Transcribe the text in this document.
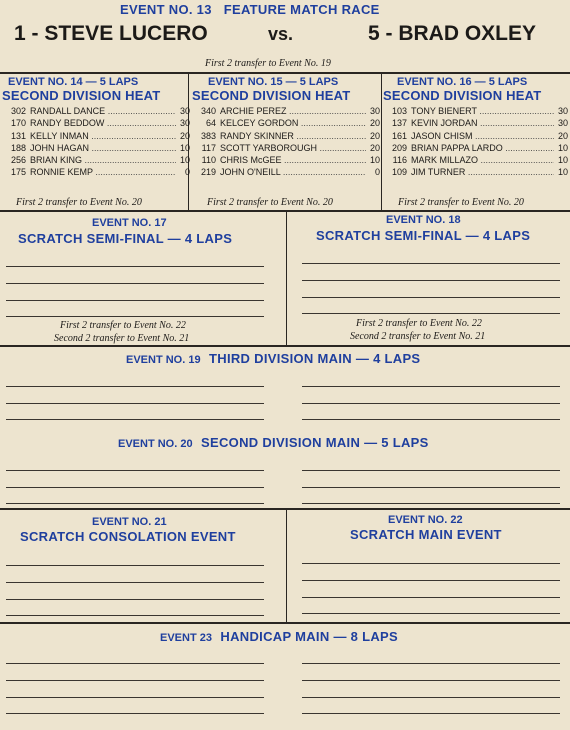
EVENT NO. 13 FEATURE MATCH RACE
1 - STEVE LUCERO	vs.	5 - BRAD OXLEY
First 2 transfer to Event No. 19
EVENT NO. 14 — 5 LAPS
SECOND DIVISION HEAT
302 RANDALL DANCE .....	30
170 RANDY BEDDOW .....	30
131 KELLY INMAN .....	20
188 JOHN HAGAN .....	10
256 BRIAN KING .....	10
175 RONNIE KEMP .....	0
First 2 transfer to Event No. 20
EVENT NO. 15 — 5 LAPS
SECOND DIVISION HEAT
340 ARCHIE PEREZ .....	30
64 KELCEY GORDON .....	20
383 RANDY SKINNER .....	20
117 SCOTT YARBOROUGH .....	20
110 CHRIS McGEE .....	10
219 JOHN O'NEILL .....	0
First 2 transfer to Event No. 20
EVENT NO. 16 — 5 LAPS
SECOND DIVISION HEAT
103 TONY BIENERT .....	30
137 KEVIN JORDAN .....	30
161 JASON CHISM .....	20
209 BRIAN PAPPA LARDO .....	10
116 MARK MILLAZO .....	10
109 JIM TURNER .....	10
First 2 transfer to Event No. 20
EVENT NO. 17
SCRATCH SEMI-FINAL — 4 LAPS
EVENT NO. 18
SCRATCH SEMI-FINAL — 4 LAPS
First 2 transfer to Event No. 22
Second 2 transfer to Event No. 21
First 2 transfer to Event No. 22
Second 2 transfer to Event No. 21
EVENT NO. 19 THIRD DIVISION MAIN — 4 LAPS
EVENT NO. 20 SECOND DIVISION MAIN — 5 LAPS
EVENT NO. 21
SCRATCH CONSOLATION EVENT
EVENT NO. 22
SCRATCH MAIN EVENT
EVENT 23 HANDICAP MAIN — 8 LAPS
